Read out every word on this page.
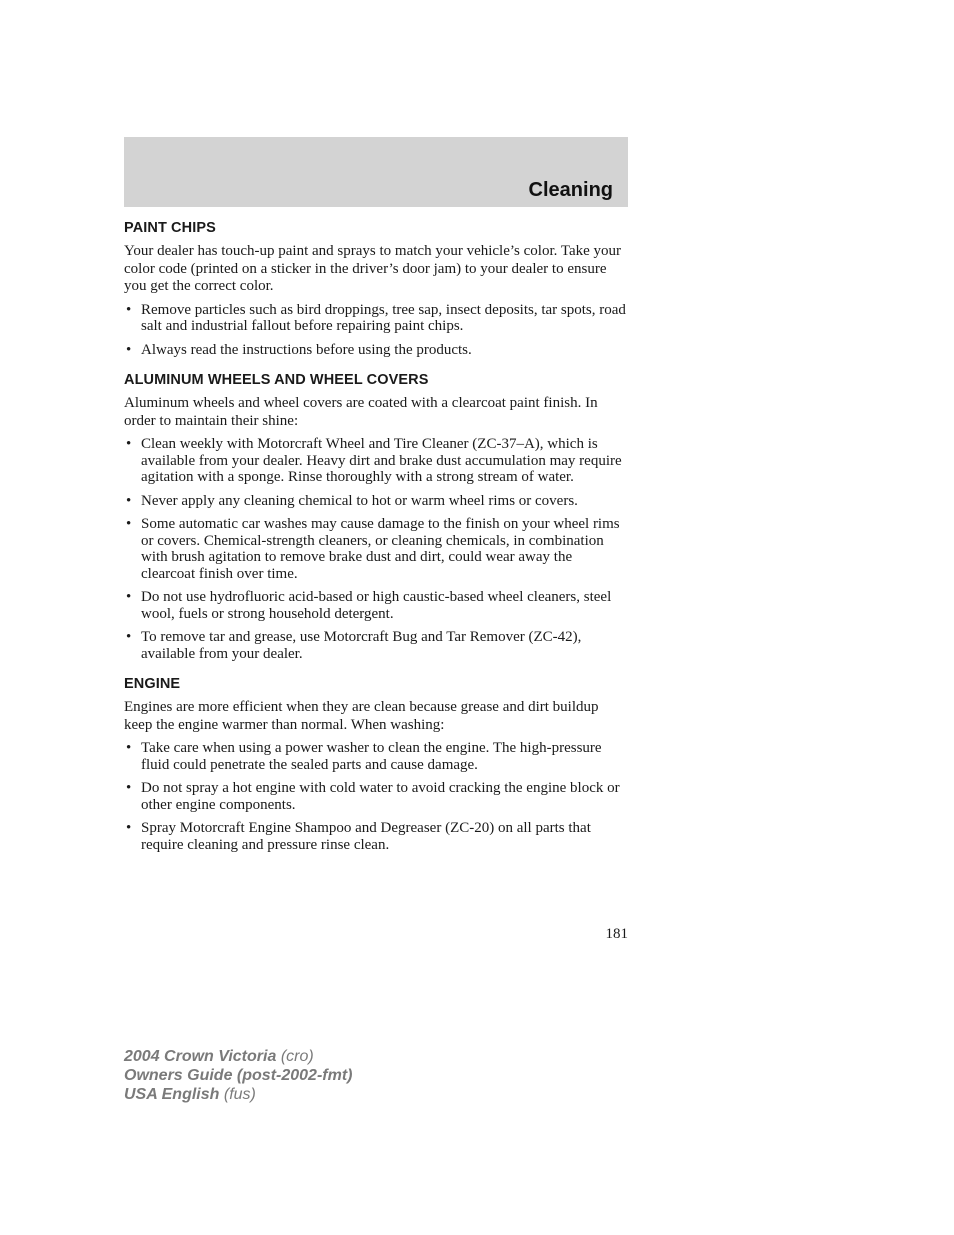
Cleaning
PAINT CHIPS

Your dealer has touch-up paint and sprays to match your vehicle’s color. Take your color code (printed on a sticker in the driver’s door jam) to your dealer to ensure you get the correct color.

• Remove particles such as bird droppings, tree sap, insect deposits, tar spots, road salt and industrial fallout before repairing paint chips.
• Always read the instructions before using the products.
ALUMINUM WHEELS AND WHEEL COVERS

Aluminum wheels and wheel covers are coated with a clearcoat paint finish. In order to maintain their shine:

• Clean weekly with Motorcraft Wheel and Tire Cleaner (ZC-37–A), which is available from your dealer. Heavy dirt and brake dust accumulation may require agitation with a sponge. Rinse thoroughly with a strong stream of water.
• Never apply any cleaning chemical to hot or warm wheel rims or covers.
• Some automatic car washes may cause damage to the finish on your wheel rims or covers. Chemical-strength cleaners, or cleaning chemicals, in combination with brush agitation to remove brake dust and dirt, could wear away the clearcoat finish over time.
• Do not use hydrofluoric acid-based or high caustic-based wheel cleaners, steel wool, fuels or strong household detergent.
• To remove tar and grease, use Motorcraft Bug and Tar Remover (ZC-42), available from your dealer.
ENGINE

Engines are more efficient when they are clean because grease and dirt buildup keep the engine warmer than normal. When washing:

• Take care when using a power washer to clean the engine. The high-pressure fluid could penetrate the sealed parts and cause damage.
• Do not spray a hot engine with cold water to avoid cracking the engine block or other engine components.
• Spray Motorcraft Engine Shampoo and Degreaser (ZC-20) on all parts that require cleaning and pressure rinse clean.
181
2004 Crown Victoria (cro)
Owners Guide (post-2002-fmt)
USA English (fus)
